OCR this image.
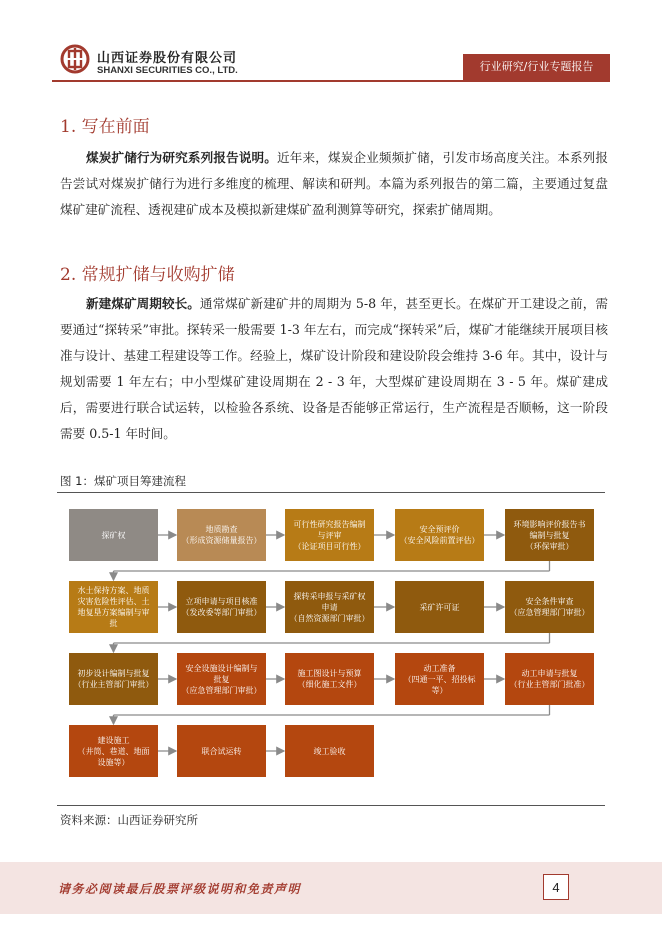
山西证券股份有限公司
SHANXI SECURITIES CO., LTD.	行业研究/行业专题报告
1. 写在前面
煤炭扩储行为研究系列报告说明。近年来，煤炭企业频频扩储，引发市场高度关注。本系列报告尝试对煤炭扩储行为进行多维度的梳理、解读和研判。本篇为系列报告的第二篇，主要通过复盘煤矿建矿流程、透视建矿成本及模拟新建煤矿盈利测算等研究，探索扩储周期。
2. 常规扩储与收购扩储
新建煤矿周期较长。通常煤矿新建矿井的周期为 5-8 年，甚至更长。在煤矿开工建设之前，需要通过“探转采”审批。探转采一般需要 1-3 年左右，而完成“探转采”后，煤矿才能继续开展项目核准与设计、基建工程建设等工作。经验上，煤矿设计阶段和建设阶段会维持 3-6 年。其中，设计与规划需要 1 年左右；中小型煤矿建设周期在 2 - 3 年，大型煤矿建设周期在 3 - 5 年。煤矿建成后，需要进行联合试运转，以检验各系统、设备是否能够正常运行，生产流程是否顺畅，这一阶段需要 0.5-1 年时间。
图 1：煤矿项目筹建流程
探矿权
地质勘查
（形成资源储量报告）
可行性研究报告编制
与评审
（论证项目可行性）
安全预评价
（安全风险前置评估）
环境影响评价报告书
编制与批复
（环保审批）
水土保持方案、地质
灾害危险性评估、土
地复垦方案编制与审
批
立项申请与项目核准
（发改委等部门审批）
探转采申报与采矿权
申请
（自然资源部门审批）
采矿许可证
安全条件审查
（应急管理部门审批）
初步设计编制与批复
（行业主管部门审批）
安全设施设计编制与
批复
（应急管理部门审批）
施工图设计与预算
（细化施工文件）
动工准备
（四通一平、招投标
等）
动工申请与批复
（行业主管部门批准）
建设施工
（井筒、巷道、地面
设施等）
联合试运转	竣工验收
资料来源：山西证券研究所
请务必阅读最后股票评级说明和免责声明	4
